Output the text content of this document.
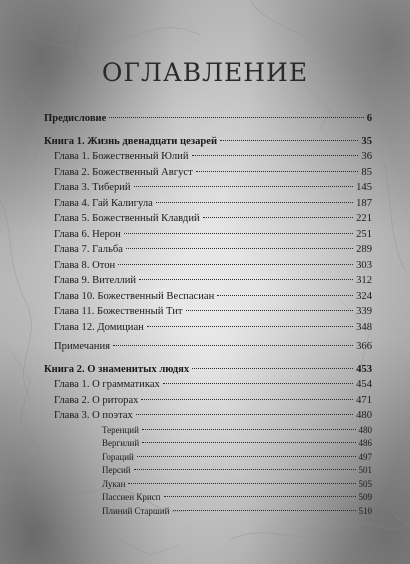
ОГЛАВЛЕНИЕ
Предисловие	6
Книга 1. Жизнь двенадцати цезарей	35
Глава 1. Божественный Юлий	36
Глава 2. Божественный Август	85
Глава 3. Тиберий	145
Глава 4. Гай Калигула	187
Глава 5. Божественный Клавдий	221
Глава 6. Нерон	251
Глава 7. Гальба	289
Глава 8. Отон	303
Глава 9. Вителлий	312
Глава 10. Божественный Веспасиан	324
Глава 11. Божественный Тит	339
Глава 12. Домициан	348
Примечания	366
Книга 2. О знаменитых людях	453
Глава 1. О грамматиках	454
Глава 2. О риторах	471
Глава 3. О поэтах	480
Теренций	480
Вергилий	486
Гораций	497
Персий	501
Лукан	505
Пассиен Крисп	509
Плиний Старший	510
